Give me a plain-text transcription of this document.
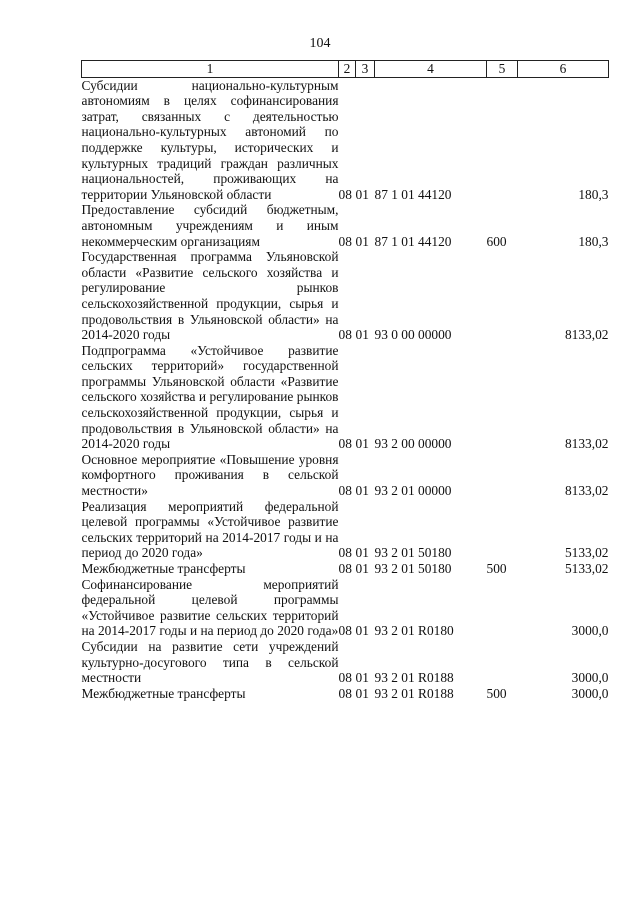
104
1	2	3	4	5	6
Субсидии национально-культурным автономиям в целях софинансирования затрат, связанных с деятельностью национально-культурных автономий по поддержке культуры, исторических и культурных традиций граждан различных национальностей, проживающих на территории Ульяновской области	08	01	87 1 01 44120		180,3
Предоставление субсидий бюджетным, автономным учреждениям и иным некоммерческим организациям	08	01	87 1 01 44120	600	180,3
Государственная программа Ульяновской области «Развитие сельского хозяйства и регулирование рынков сельскохозяйственной продукции, сырья и продовольствия в Ульяновской области» на 2014-2020 годы	08	01	93 0 00 00000		8133,02
Подпрограмма «Устойчивое развитие сельских территорий» государственной программы Ульяновской области «Развитие сельского хозяйства и регулирование рынков сельскохозяйственной продукции, сырья и продовольствия в Ульяновской области» на 2014-2020 годы	08	01	93 2 00 00000		8133,02
Основное мероприятие «Повышение уровня комфортного проживания в сельской местности»	08	01	93 2 01 00000		8133,02
Реализация мероприятий федеральной целевой программы «Устойчивое развитие сельских территорий на 2014-2017 годы и на период до 2020 года»	08	01	93 2 01 50180		5133,02
Межбюджетные трансферты	08	01	93 2 01 50180	500	5133,02
Софинансирование мероприятий федеральной целевой программы «Устойчивое развитие сельских территорий на 2014-2017 годы и на период до 2020 года»	08	01	93 2 01 R0180		3000,0
Субсидии на развитие сети учреждений культурно-досугового типа в сельской местности	08	01	93 2 01 R0188		3000,0
Межбюджетные трансферты	08	01	93 2 01 R0188	500	3000,0
